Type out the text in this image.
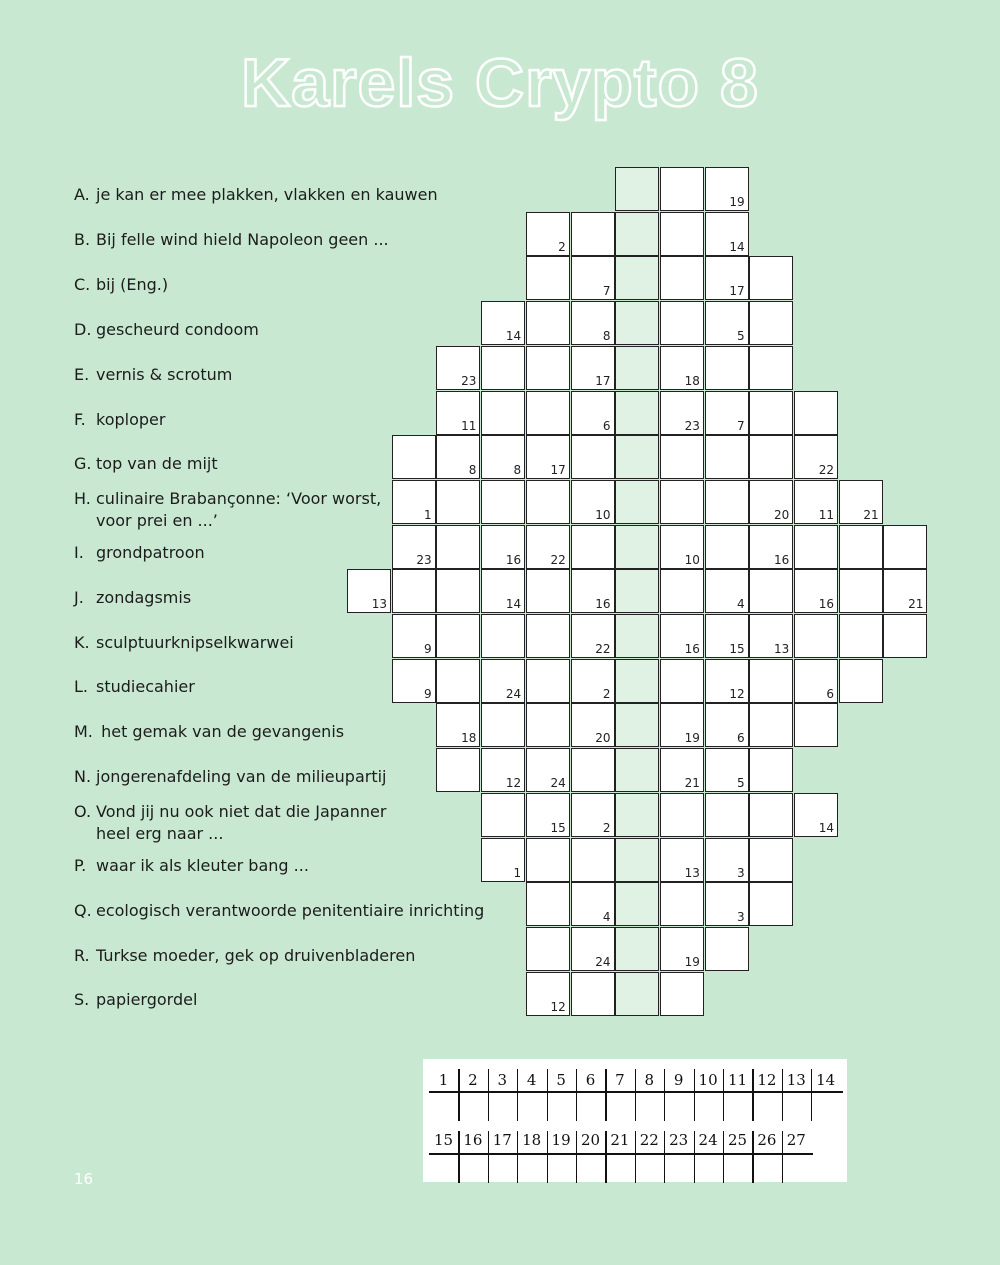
Karels Crypto 8
A. je kan er mee plakken, vlakken en kauwen
B. Bij felle wind hield Napoleon geen ...
C. bij (Eng.)
D. gescheurd condoom
E. vernis & scrotum
F. koploper
G. top van de mijt
H. culinaire Brabançonne: ‘Voor worst,
voor prei en ...’
I. grondpatroon
J. zondagsmis
K. sculptuurknipselkwarwei
L. studiecahier
M. het gemak van de gevangenis
N. jongerenafdeling van de milieupartij
O. Vond jij nu ook niet dat die Japanner
heel erg naar ...
P. waar ik als kleuter bang ...
Q. ecologisch verantwoorde penitentiaire inrichting
R. Turkse moeder, gek op druivenbladeren
S. papiergordel
19
2	14
7	17
14	8	5
23	17	18
11	6	23	7
8	8 17	22
1	10	20 11 21
23	16 22	10	16
13	14	16	4	16	21
9	22	16 15 13
9	24	2	12	6
18	20	19	6
12 24	21	5
15	2	14
1	13	3
4	3
24	19
12
1	2	3	4	5	6	7	8	9	10 11 12 13 14
15 16 17 18 19 20 21 22 23 24 25 26 27
16
